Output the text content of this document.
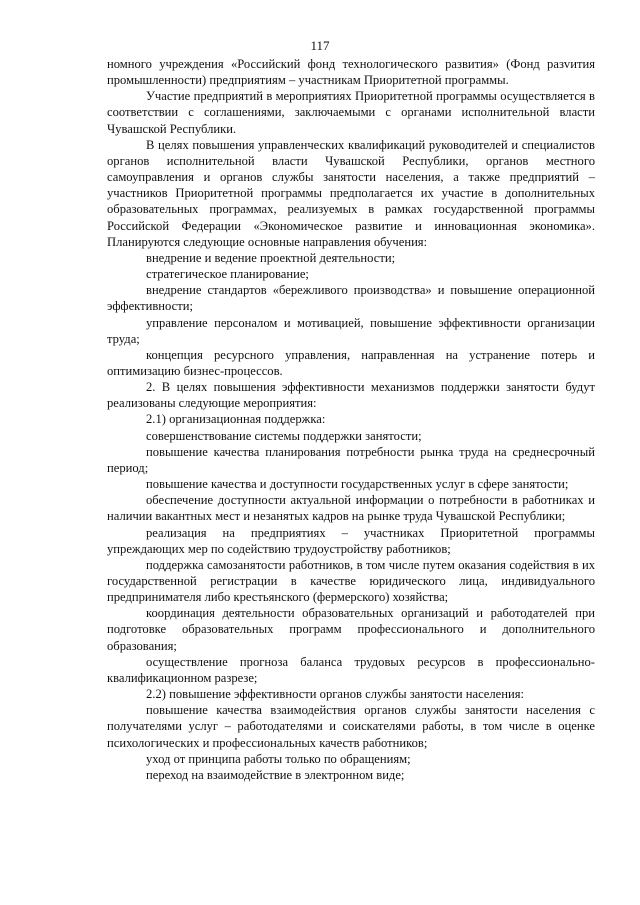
117

номного учреждения «Российский фонд технологического развития» (Фонд разvития промышленности) предприятиям – участникам Приоритетной программы.

Участие предприятий в мероприятиях Приоритетной программы осуществляется в соответствии с соглашениями, заключаемыми с органами исполнительной власти Чувашской Республики.

В целях повышения управленческих квалификаций руководителей и специалистов органов исполнительной власти Чувашской Республики, органов местного самоуправления и органов службы занятости населения, а также предприятий – участников Приоритетной программы предполагается их участие в дополнительных образовательных программах, реализуемых в рамках государственной программы Российской Федерации «Экономическое развитие и инновационная экономика». Планируются следующие основные направления обучения:

внедрение и ведение проектной деятельности;

стратегическое планирование;

внедрение стандартов «бережливого производства» и повышение операционной эффективности;

управление персоналом и мотивацией, повышение эффективности организации труда;

концепция ресурсного управления, направленная на устранение потерь и оптимизацию бизнес-процессов.

2. В целях повышения эффективности механизмов поддержки занятости будут реализованы следующие мероприятия:

2.1) организационная поддержка:

совершенствование системы поддержки занятости;

повышение качества планирования потребности рынка труда на среднесрочный период;

повышение качества и доступности государственных услуг в сфере занятости;

обеспечение доступности актуальной информации о потребности в работниках и наличии вакантных мест и незанятых кадров на рынке труда Чувашской Республики;

реализация на предприятиях – участниках Приоритетной программы упреждающих мер по содействию трудоустройству работников;

поддержка самозанятости работников, в том числе путем оказания содействия в их государственной регистрации в качестве юридического лица, индивидуального предпринимателя либо крестьянского (фермерского) хозяйства;

координация деятельности образовательных организаций и работодателей при подготовке образовательных программ профессионального и дополнительного образования;

осуществление прогноза баланса трудовых ресурсов в профессионально-квалификационном разрезе;

2.2) повышение эффективности органов службы занятости населения:

повышение качества взаимодействия органов службы занятости населения с получателями услуг – работодателями и соискателями работы, в том числе в оценке психологических и профессиональных качеств работников;

уход от принципа работы только по обращениям;

переход на взаимодействие в электронном виде;
